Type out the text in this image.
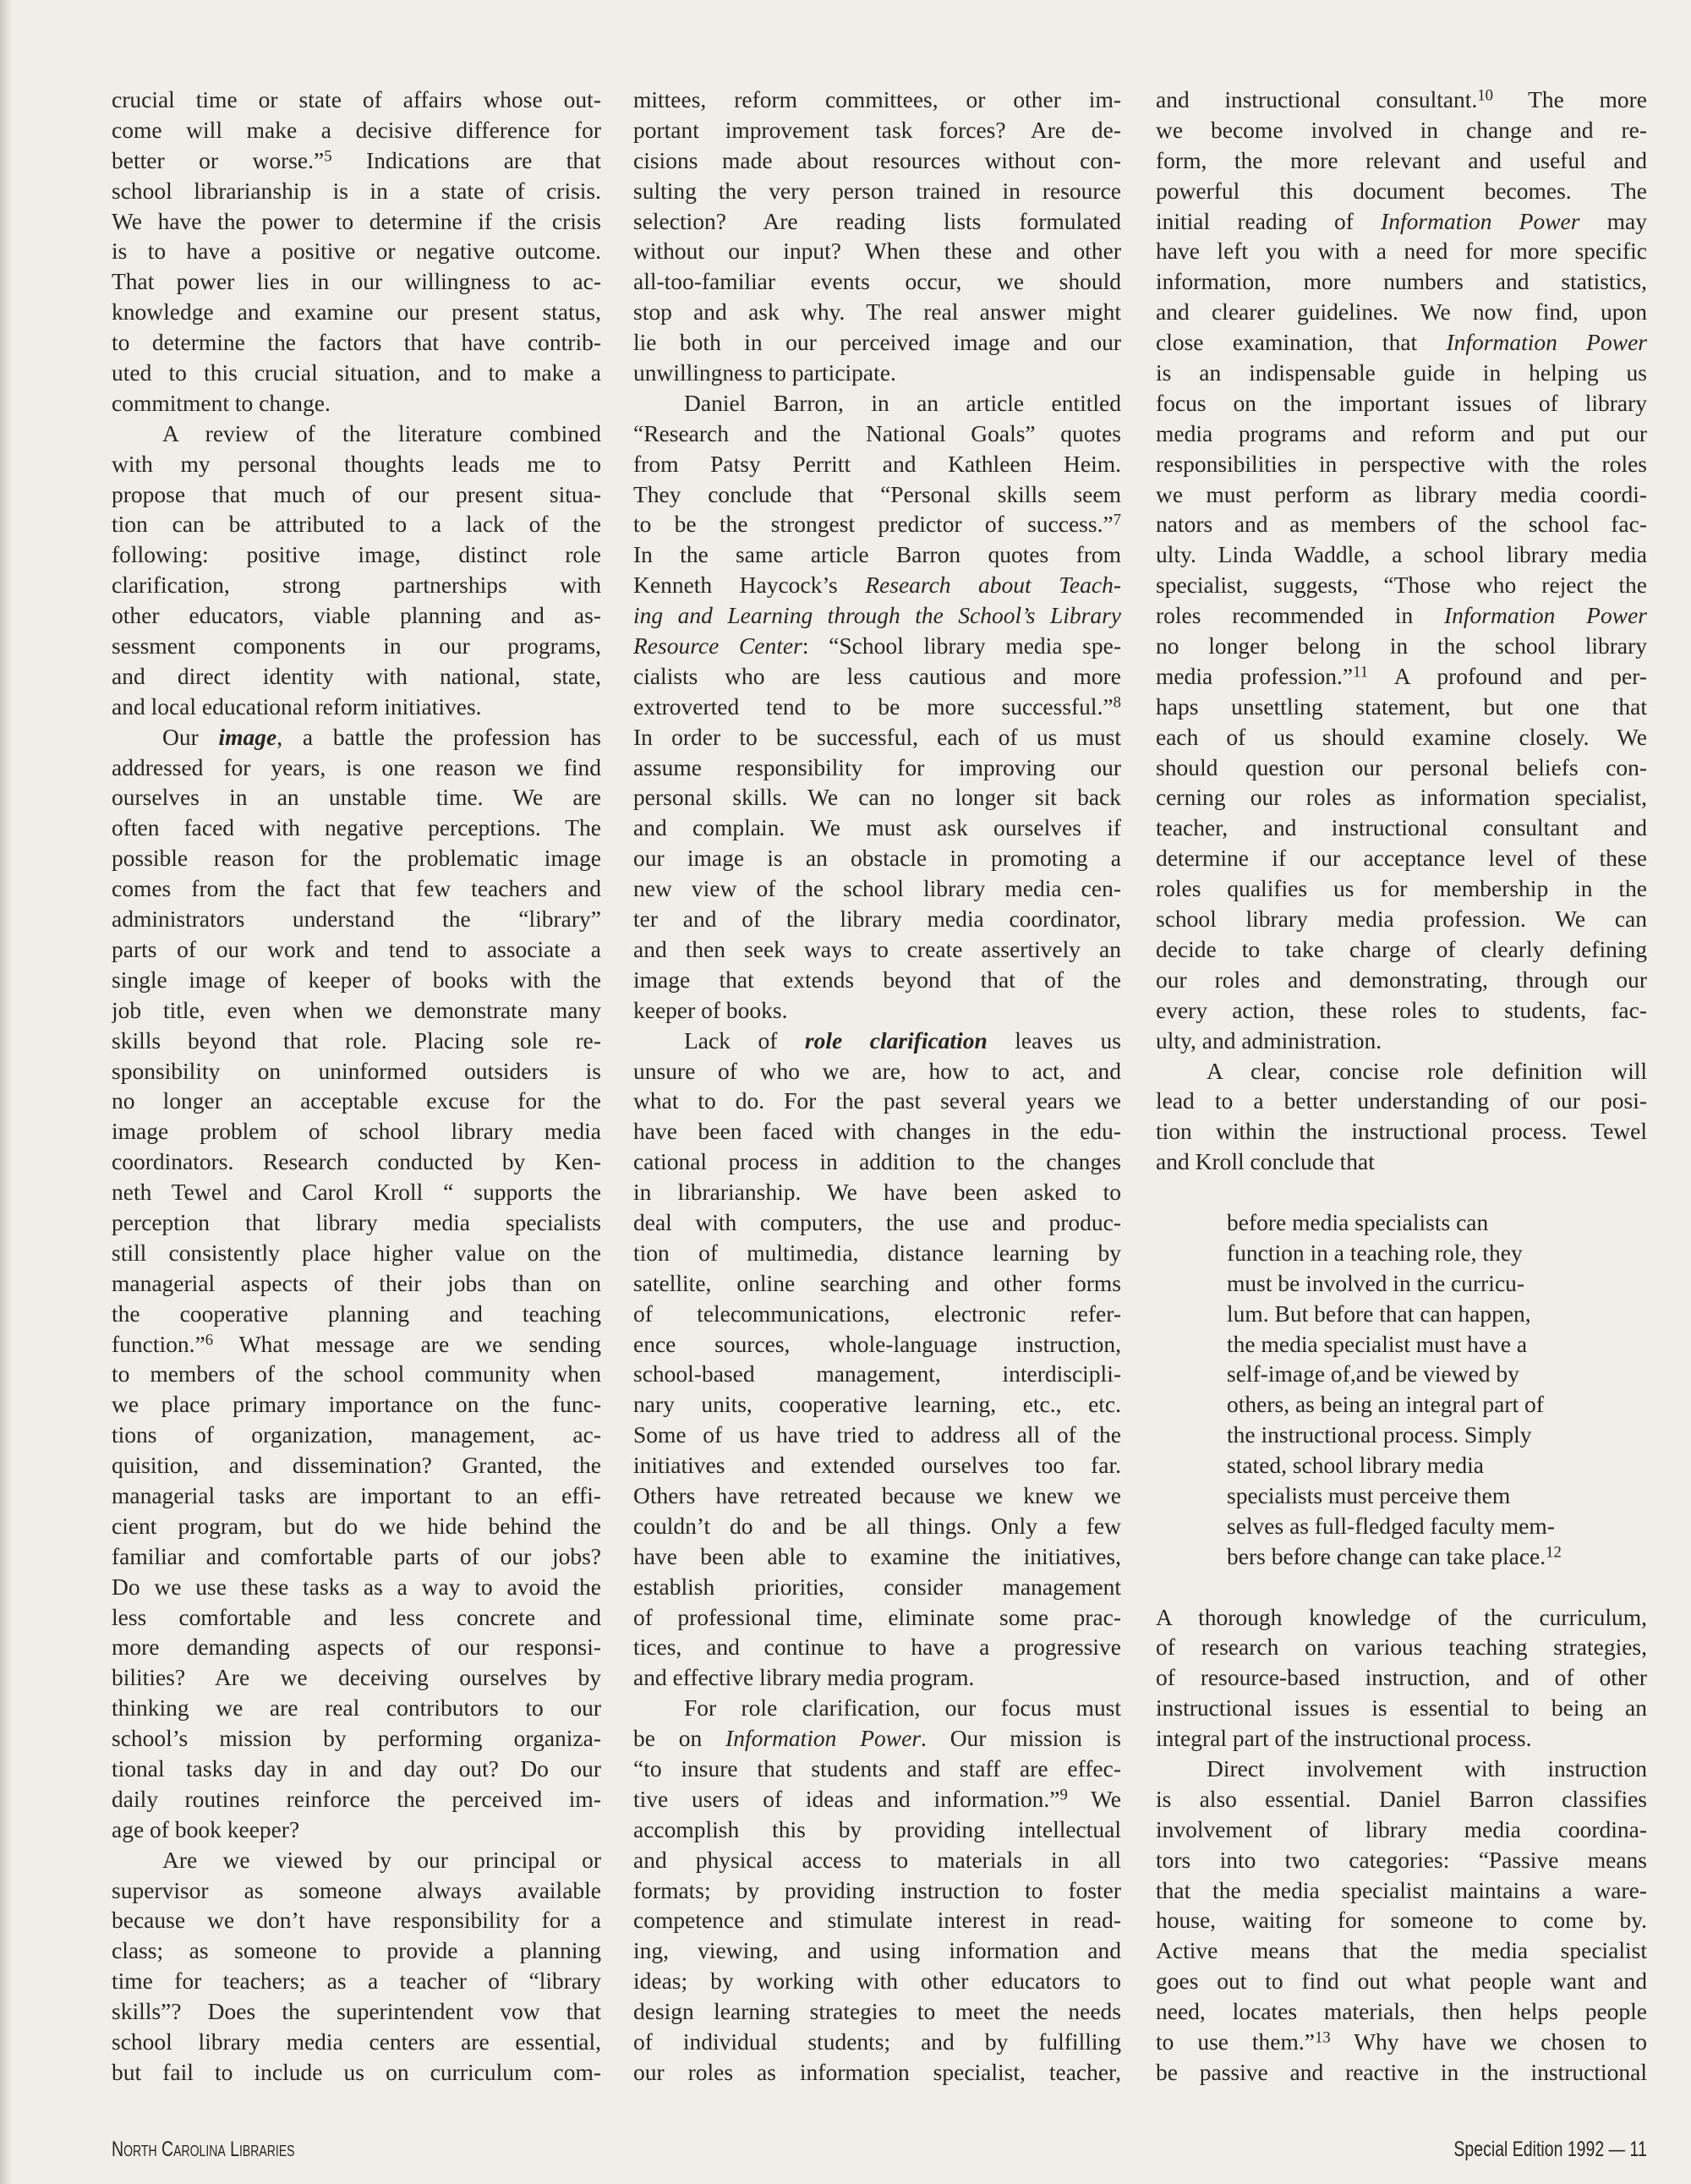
crucial time or state of affairs whose out-
come will make a decisive difference for
better or worse.”$^5$ Indications are that
school librarianship is in a state of crisis.
We have the power to determine if the crisis
is to have a positive or negative outcome.
That power lies in our willingness to ac-
knowledge and examine our present status,
to determine the factors that have contrib-
uted to this crucial situation, and to make a
commitment to change.
A review of the literature combined
with my personal thoughts leads me to
propose that much of our present situa-
tion can be attributed to a lack of the
following: positive image, distinct role
clarification, strong partnerships with
other educators, viable planning and as-
sessment components in our programs,
and direct identity with national, state,
and local educational reform initiatives.
Our image, a battle the profession has
addressed for years, is one reason we find
ourselves in an unstable time. We are
often faced with negative perceptions. The
possible reason for the problematic image
comes from the fact that few teachers and
administrators understand the “library”
parts of our work and tend to associate a
single image of keeper of books with the
job title, even when we demonstrate many
skills beyond that role. Placing sole re-
sponsibility on uninformed outsiders is
no longer an acceptable excuse for the
image problem of school library media
coordinators. Research conducted by Ken-
neth Tewel and Carol Kroll “ supports the
perception that library media specialists
still consistently place higher value on the
managerial aspects of their jobs than on
the cooperative planning and teaching
function.”$^6$ What message are we sending
to members of the school community when
we place primary importance on the func-
tions of organization, management, ac-
quisition, and dissemination? Granted, the
managerial tasks are important to an effi-
cient program, but do we hide behind the
familiar and comfortable parts of our jobs?
Do we use these tasks as a way to avoid the
less comfortable and less concrete and
more demanding aspects of our responsi-
bilities? Are we deceiving ourselves by
thinking we are real contributors to our
school’s mission by performing organiza-
tional tasks day in and day out? Do our
daily routines reinforce the perceived im-
age of book keeper?
Are we viewed by our principal or
supervisor as someone always available
because we don’t have responsibility for a
class; as someone to provide a planning
time for teachers; as a teacher of “library
skills”? Does the superintendent vow that
school library media centers are essential,
but fail to include us on curriculum com-
mittees, reform committees, or other im-
portant improvement task forces? Are de-
cisions made about resources without con-
sulting the very person trained in resource
selection? Are reading lists formulated
without our input? When these and other
all-too-familiar events occur, we should
stop and ask why. The real answer might
lie both in our perceived image and our
unwillingness to participate.
Daniel Barron, in an article entitled
“Research and the National Goals” quotes
from Patsy Perritt and Kathleen Heim.
They conclude that “Personal skills seem
to be the strongest predictor of success.”$^7$
In the same article Barron quotes from
Kenneth Haycock’s Research about Teach-
ing and Learning through the School’s Library
Resource Center: “School library media spe-
cialists who are less cautious and more
extroverted tend to be more successful.”$^8$
In order to be successful, each of us must
assume responsibility for improving our
personal skills. We can no longer sit back
and complain. We must ask ourselves if
our image is an obstacle in promoting a
new view of the school library media cen-
ter and of the library media coordinator,
and then seek ways to create assertively an
image that extends beyond that of the
keeper of books.
Lack of role clarification leaves us
unsure of who we are, how to act, and
what to do. For the past several years we
have been faced with changes in the edu-
cational process in addition to the changes
in librarianship. We have been asked to
deal with computers, the use and produc-
tion of multimedia, distance learning by
satellite, online searching and other forms
of telecommunications, electronic refer-
ence sources, whole-language instruction,
school-based management, interdiscipli-
nary units, cooperative learning, etc., etc.
Some of us have tried to address all of the
initiatives and extended ourselves too far.
Others have retreated because we knew we
couldn’t do and be all things. Only a few
have been able to examine the initiatives,
establish priorities, consider management
of professional time, eliminate some prac-
tices, and continue to have a progressive
and effective library media program.
For role clarification, our focus must
be on Information Power. Our mission is
“to insure that students and staff are effec-
tive users of ideas and information.”$^9$ We
accomplish this by providing intellectual
and physical access to materials in all
formats; by providing instruction to foster
competence and stimulate interest in read-
ing, viewing, and using information and
ideas; by working with other educators to
design learning strategies to meet the needs
of individual students; and by fulfilling
our roles as information specialist, teacher,
and instructional consultant.$^{10}$ The more
we become involved in change and re-
form, the more relevant and useful and
powerful this document becomes. The
initial reading of Information Power may
have left you with a need for more specific
information, more numbers and statistics,
and clearer guidelines. We now find, upon
close examination, that Information Power
is an indispensable guide in helping us
focus on the important issues of library
media programs and reform and put our
responsibilities in perspective with the roles
we must perform as library media coordi-
nators and as members of the school fac-
ulty. Linda Waddle, a school library media
specialist, suggests, “Those who reject the
roles recommended in Information Power
no longer belong in the school library
media profession.”$^{11}$ A profound and per-
haps unsettling statement, but one that
each of us should examine closely. We
should question our personal beliefs con-
cerning our roles as information specialist,
teacher, and instructional consultant and
determine if our acceptance level of these
roles qualifies us for membership in the
school library media profession. We can
decide to take charge of clearly defining
our roles and demonstrating, through our
every action, these roles to students, fac-
ulty, and administration.
A clear, concise role definition will
lead to a better understanding of our posi-
tion within the instructional process. Tewel
and Kroll conclude that
before media specialists can
function in a teaching role, they
must be involved in the curricu-
lum. But before that can happen,
the media specialist must have a
self-image of,and be viewed by
others, as being an integral part of
the instructional process. Simply
stated, school library media
specialists must perceive them
selves as full-fledged faculty mem-
bers before change can take place.$^{12}$
A thorough knowledge of the curriculum,
of research on various teaching strategies,
of resource-based instruction, and of other
instructional issues is essential to being an
integral part of the instructional process.
Direct involvement with instruction
is also essential. Daniel Barron classifies
involvement of library media coordina-
tors into two categories: “Passive means
that the media specialist maintains a ware-
house, waiting for someone to come by.
Active means that the media specialist
goes out to find out what people want and
need, locates materials, then helps people
to use them.”$^{13}$ Why have we chosen to
be passive and reactive in the instructional
North Carolina Libraries	Special Edition 1992 — 11
